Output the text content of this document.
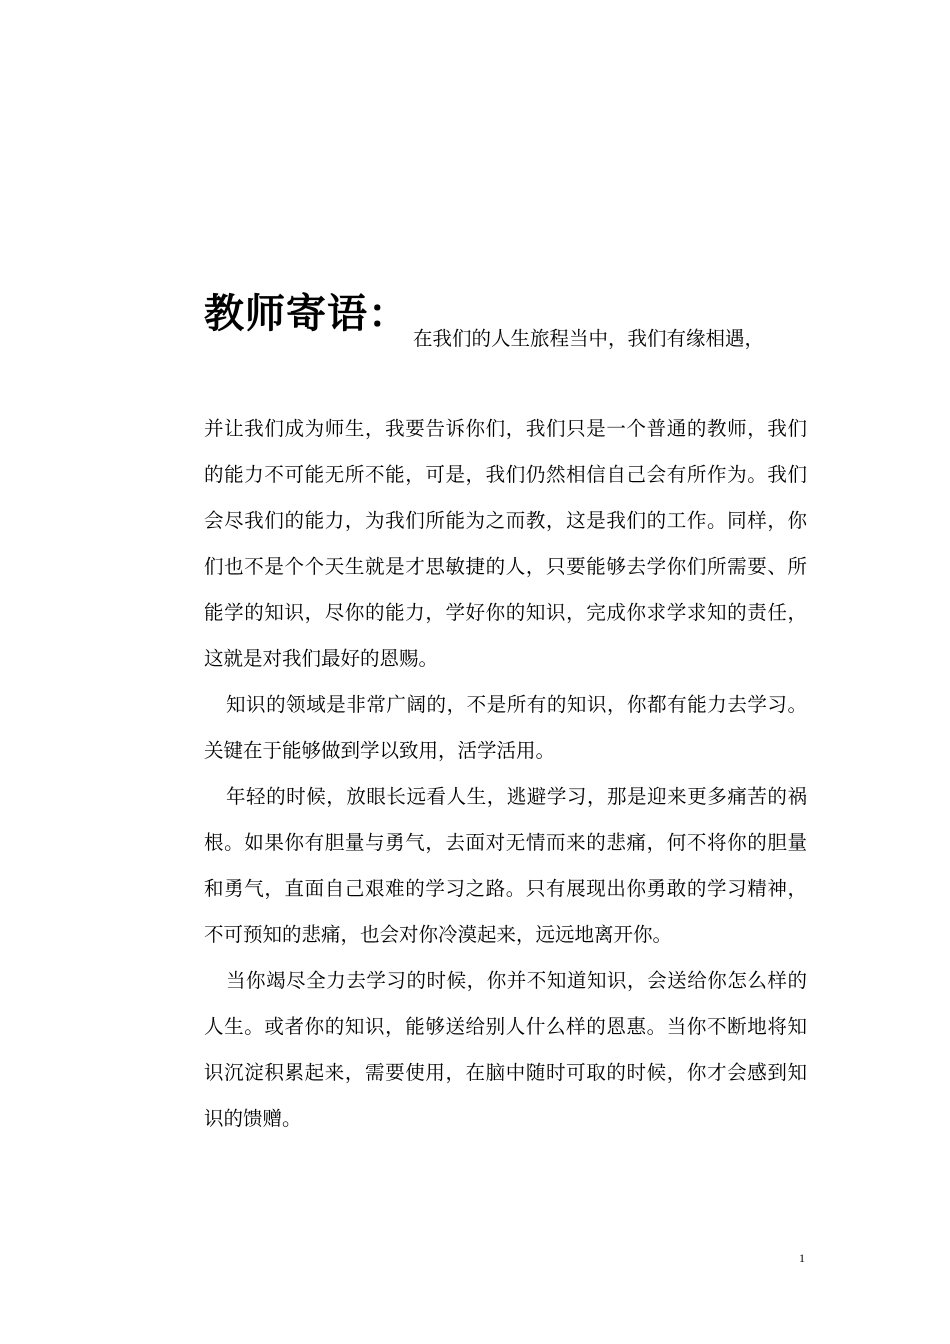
教师寄语：
在我们的人生旅程当中，我们有缘相遇，

并让我们成为师生，我要告诉你们，我们只是一个普通的教师，我们的能力不可能无所不能，可是，我们仍然相信自己会有所作为。我们会尽我们的能力，为我们所能为之而教，这是我们的工作。同样，你们也不是个个天生就是才思敏捷的人，只要能够去学你们所需要、所能学的知识，尽你的能力，学好你的知识，完成你求学求知的责任，这就是对我们最好的恩赐。

知识的领域是非常广阔的，不是所有的知识，你都有能力去学习。关键在于能够做到学以致用，活学活用。

年轻的时候，放眼长远看人生，逃避学习，那是迎来更多痛苦的祸根。如果你有胆量与勇气，去面对无情而来的悲痛，何不将你的胆量和勇气，直面自己艰难的学习之路。只有展现出你勇敢的学习精神，不可预知的悲痛，也会对你冷漠起来，远远地离开你。

当你竭尽全力去学习的时候，你并不知道知识，会送给你怎么样的人生。或者你的知识，能够送给别人什么样的恩惠。当你不断地将知识沉淀积累起来，需要使用，在脑中随时可取的时候，你才会感到知识的馈赠。

1
